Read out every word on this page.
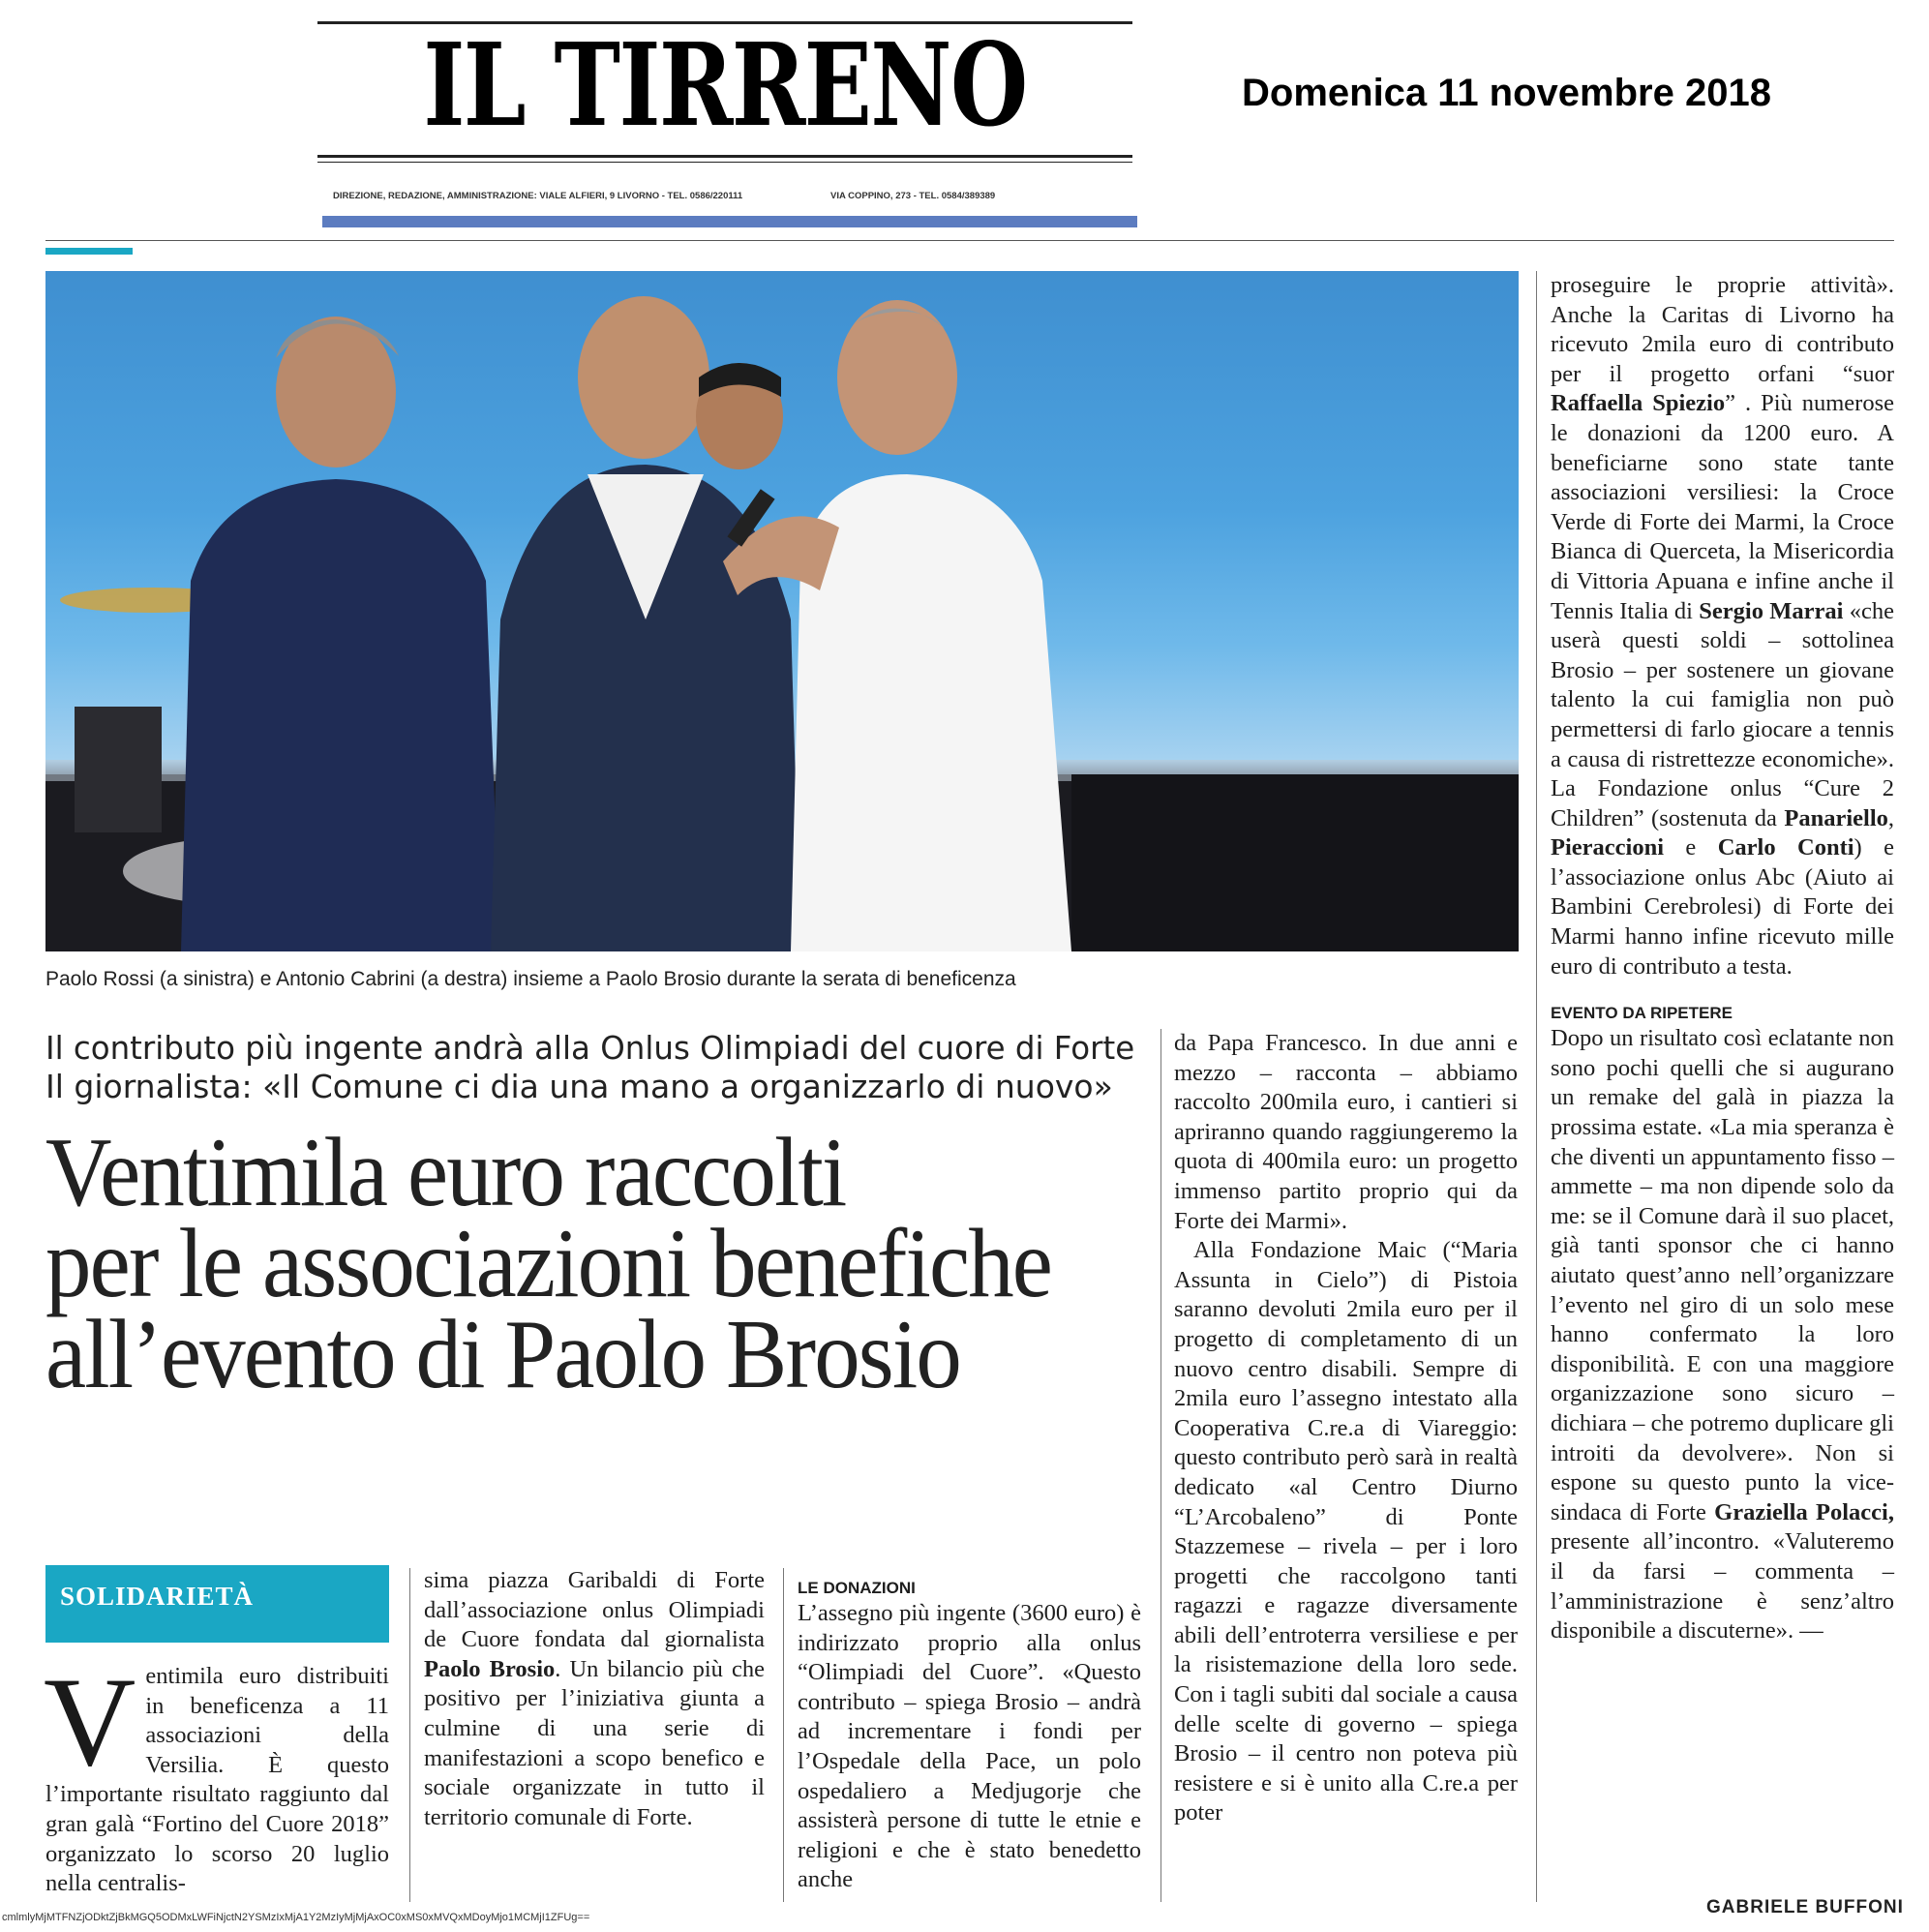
IL TIRRENO
DIREZIONE, REDAZIONE, AMMINISTRAZIONE: VIALE ALFIERI, 9 LIVORNO - TEL. 0586/220111	VIA COPPINO, 273 - TEL. 0584/389389
Domenica 11 novembre 2018
Paolo Rossi (a sinistra) e Antonio Cabrini (a destra) insieme a Paolo Brosio durante la serata di beneficenza
Il contributo più ingente andrà alla Onlus Olimpiadi del cuore di Forte
Il giornalista: «Il Comune ci dia una mano a organizzarlo di nuovo»
Ventimila euro raccolti
per le associazioni benefiche
all’evento di Paolo Brosio
SOLIDARIETÀ
V entimila euro distribuiti in beneficenza a 11 associazioni della Versilia. È questo l’importante risultato raggiunto dal gran galà “Fortino del Cuore 2018” organizzato lo scorso 20 luglio nella centralis-
sima piazza Garibaldi di Forte dall’associazione onlus Olimpiadi de Cuore fondata dal giornalista Paolo Brosio. Un bilancio più che positivo per l’iniziativa giunta a culmine di una serie di manifestazioni a scopo benefico e sociale organizzate in tutto il territorio comunale di Forte.
LE DONAZIONI
L’assegno più ingente (3600 euro) è indirizzato proprio alla onlus “Olimpiadi del Cuore”. «Questo contributo – spiega Brosio – andrà ad incrementare i fondi per l’Ospedale della Pace, un polo ospedaliero a Medjugorje che assisterà persone di tutte le etnie e religioni e che è stato benedetto anche

da Papa Francesco. In due anni e mezzo – racconta – abbiamo raccolto 200mila euro, i cantieri si apriranno quando raggiungeremo la quota di 400mila euro: un progetto immenso partito proprio qui da Forte dei Marmi».

Alla Fondazione Maic (“Maria Assunta in Cielo”) di Pistoia saranno devoluti 2mila euro per il progetto di completamento di un nuovo centro disabili. Sempre di 2mila euro l’assegno intestato alla Cooperativa C.re.a di Viareggio: questo contributo però sarà in realtà dedicato «al Centro Diurno “L’Arcobaleno” di Ponte Stazzemese – rivela – per i loro progetti che raccolgono tanti ragazzi e ragazze diversamente abili dell’entroterra versiliese e per la risistemazione della loro sede. Con i tagli subiti dal sociale a causa delle scelte di governo – spiega Brosio – il centro non poteva più resistere e si è unito alla C.re.a per poter

proseguire le proprie attività». Anche la Caritas di Livorno ha ricevuto 2mila euro di contributo per il progetto orfani “suor Raffaella Spiezio” . Più numerose le donazioni da 1200 euro. A beneficiarne sono state tante associazioni versiliesi: la Croce Verde di Forte dei Marmi, la Croce Bianca di Querceta, la Misericordia di Vittoria Apuana e infine anche il Tennis Italia di Sergio Marrai «che userà questi soldi – sottolinea Brosio – per sostenere un giovane talento la cui famiglia non può permettersi di farlo giocare a tennis a causa di ristrettezze economiche». La Fondazione onlus “Cure 2 Children” (sostenuta da Panariello, Pieraccioni e Carlo Conti) e l’associazione onlus Abc (Aiuto ai Bambini Cerebrolesi) di Forte dei Marmi hanno infine ricevuto mille euro di contributo a testa.
EVENTO DA RIPETERE
Dopo un risultato così eclatante non sono pochi quelli che si augurano un remake del galà in piazza la prossima estate. «La mia speranza è che diventi un appuntamento fisso – ammette – ma non dipende solo da me: se il Comune darà il suo placet, già tanti sponsor che ci hanno aiutato quest’anno nell’organizzare l’evento nel giro di un solo mese hanno confermato la loro disponibilità. E con una maggiore organizzazione sono sicuro – dichiara – che potremo duplicare gli introiti da devolvere». Non si espone su questo punto la vice-sindaca di Forte Graziella Polacci, presente all’incontro. «Valuteremo il da farsi – commenta – l’amministrazione è senz’altro disponibile a discuterne». —
GABRIELE BUFFONI
cmlmlyMjMTFNZjODktZjBkMGQ5ODMxLWFiNjctN2YSMzIxMjA1Y2MzIyMjMjAxOC0xMS0xMVQxMDoyMjo1MCMjI1ZFUg==
